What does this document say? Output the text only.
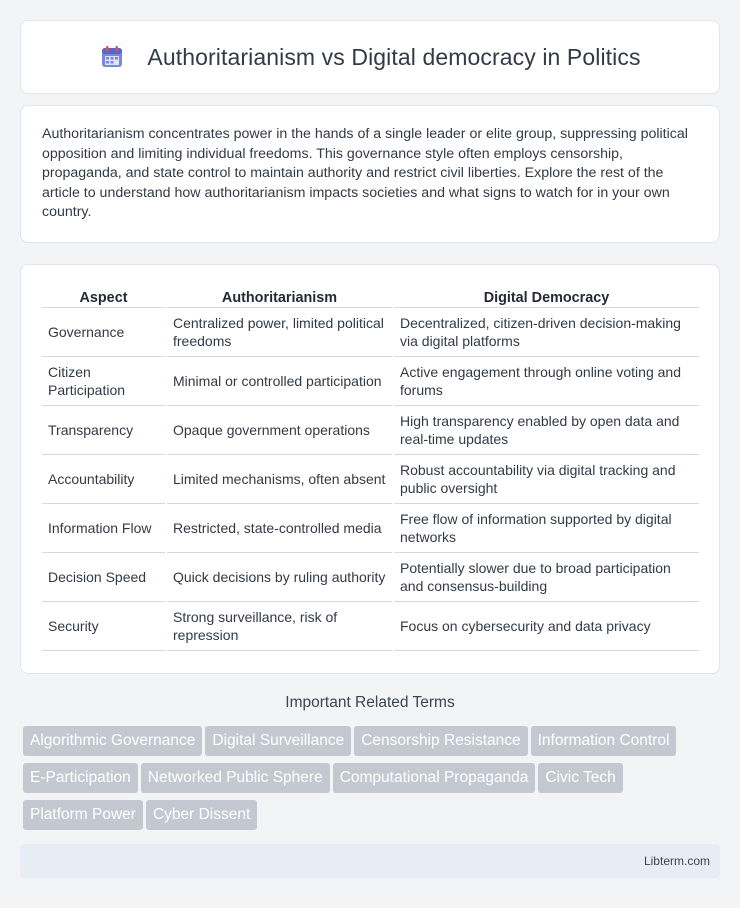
Authoritarianism vs Digital democracy in Politics

Authoritarianism concentrates power in the hands of a single leader or elite group, suppressing political opposition and limiting individual freedoms. This governance style often employs censorship, propaganda, and state control to maintain authority and restrict civil liberties. Explore the rest of the article to understand how authoritarianism impacts societies and what signs to watch for in your own country.

Aspect		Authoritarianism		Digital Democracy
Governance		Centralized power, limited political freedoms		Decentralized, citizen-driven decision-making via digital platforms
Citizen Participation		Minimal or controlled participation		Active engagement through online voting and forums
Transparency		Opaque government operations		High transparency enabled by open data and real-time updates
Accountability		Limited mechanisms, often absent		Robust accountability via digital tracking and public oversight
Information Flow		Restricted, state-controlled media		Free flow of information supported by digital networks
Decision Speed		Quick decisions by ruling authority		Potentially slower due to broad participation and consensus-building
Security		Strong surveillance, risk of repression		Focus on cybersecurity and data privacy
Important Related Terms
Algorithmic Governance	Digital Surveillance	Censorship Resistance	Information Control
E-Participation	Networked Public Sphere	Computational Propaganda	Civic Tech
Platform Power	Cyber Dissent
Libterm.com
